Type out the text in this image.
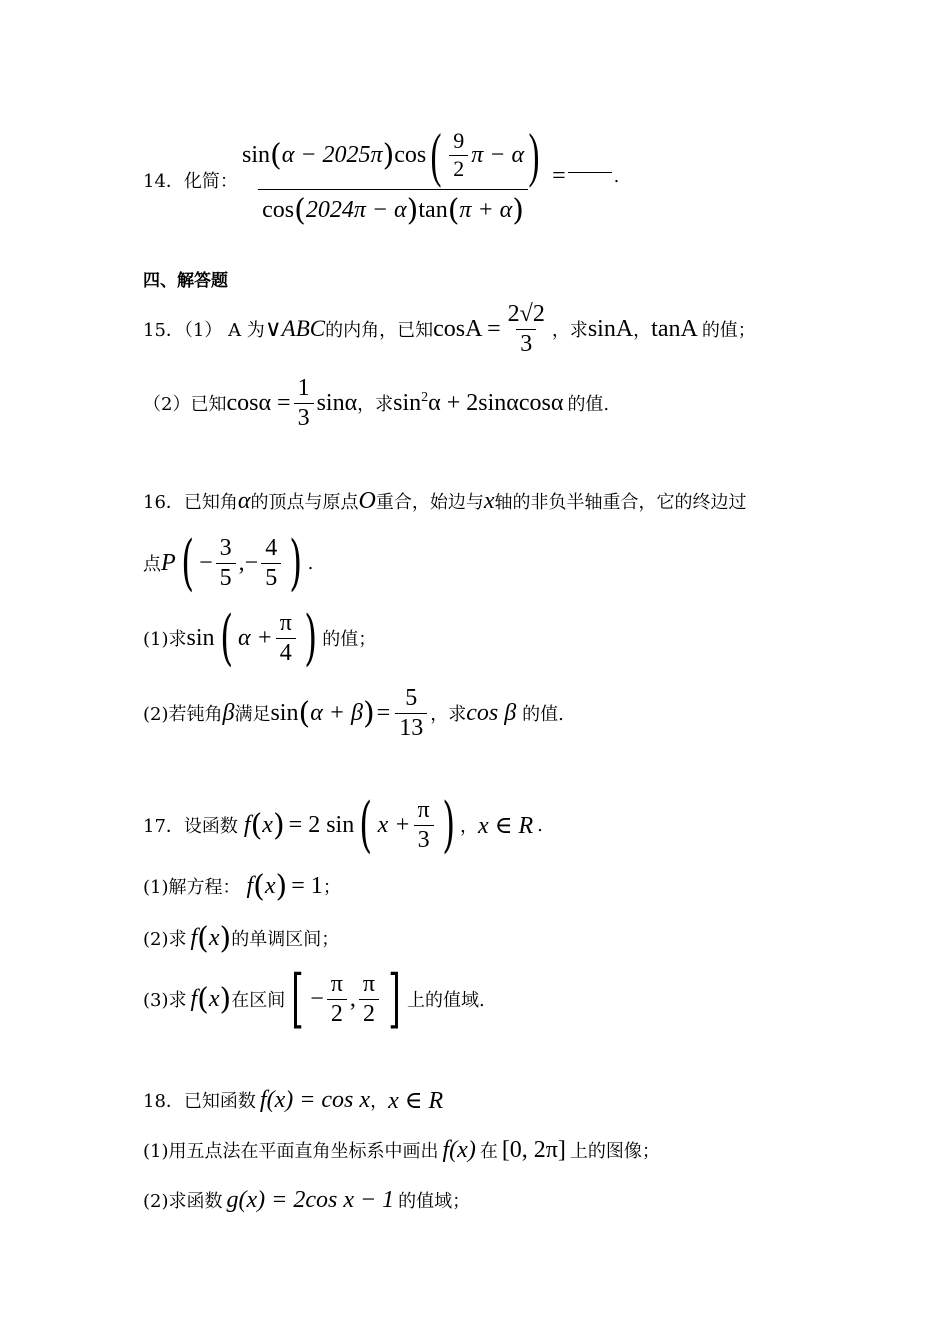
14．化简：
sin ( α − 2025π ) cos ( $\frac{9}{2}$ π − α )
cos ( 2024π − α ) tan ( π + α )
=	.
四、解答题
15．（1） A 为 ∨ABC 的内角，已知 $\cos A = \frac{2√2}{3}$ ，求 sinA ， tanA 的值；
（2）已知 $\cos\alpha = \frac{1}{3}$ sinα ，求 $\sin^2\alpha + 2\sin\alpha\cos\alpha$ 的值.
16．已知角 α 的顶点与原点 O 重合，始边与 x 轴的非负半轴重合，它的终边过
点 P ( − $\frac{3}{5}$ ,− $\frac{4}{5}$ ) .
(1)求 sin ( $\alpha + \frac{\pi}{4}$ ) 的值；
(2)若钝角 β 满足 sin ( α + β ) = $\frac{5}{13}$ ，求 cos β 的值.
17．设函数 f ( x ) = 2 sin ( $x + \frac{\pi}{3}$ ) ， x ∈ R .
(1)解方程： f ( x ) = 1 ；
(2)求 f ( x ) 的单调区间；
(3)求 f ( x ) 在区间 [ − $\frac{\pi}{2}$ , $\frac{\pi}{2}$ ] 上的值域.
18．已知函数 f(x) = cos x ， x ∈ R
(1)用五点法在平面直角坐标系中画出 f(x) 在 [0, 2π] 上的图像；
(2)求函数 g(x) = 2cos x − 1 的值域；
